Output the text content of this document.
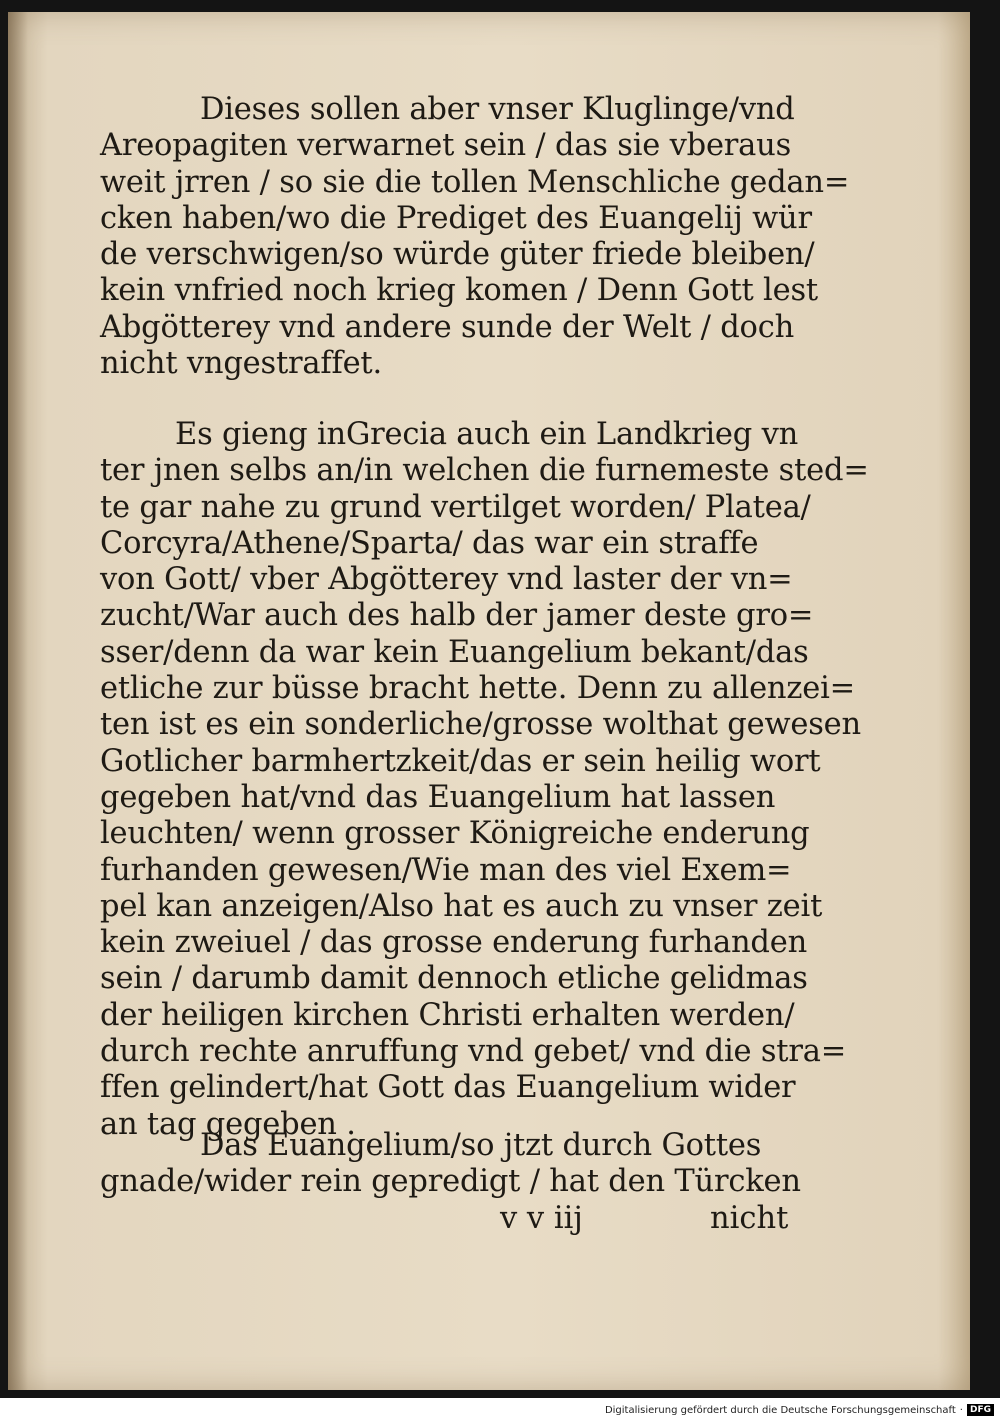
Dieses sollen aber vnser Kluglinge/vnd
Areopagiten verwarnet sein / das sie vberaus
weit jrren / so sie die tollen Menschliche gedan=
cken haben/wo die Prediget des Euangelij wür
de verschwigen/so würde güter friede bleiben/
kein vnfried noch krieg komen / Denn Gott lest
Abgötterey vnd andere sunde der Welt / doch
nicht vngestraffet.
Es gieng inGrecia auch ein Landkrieg vn
ter jnen selbs an/in welchen die furnemeste sted=
te gar nahe zu grund vertilget worden/ Platea/
Corcyra/Athene/Sparta/ das war ein straffe
von Gott/ vber Abgötterey vnd laster der vn=
zucht/War auch des halb der jamer deste gro=
sser/denn da war kein Euangelium bekant/das
etliche zur büsse bracht hette. Denn zu allenzei=
ten ist es ein sonderliche/grosse wolthat gewesen
Gotlicher barmhertzkeit/das er sein heilig wort
gegeben hat/vnd das Euangelium hat lassen
leuchten/ wenn grosser Königreiche enderung
furhanden gewesen/Wie man des viel Exem=
pel kan anzeigen/Also hat es auch zu vnser zeit
kein zweiuel / das grosse enderung furhanden
sein / darumb damit dennoch etliche gelidmas
der heiligen kirchen Christi erhalten werden/
durch rechte anruffung vnd gebet/ vnd die stra=
ffen gelindert/hat Gott das Euangelium wider
an tag gegeben .
Das Euangelium/so jtzt durch Gottes
gnade/wider rein gepredigt / hat den Türcken
v v iij	nicht
Digitalisierung gefördert durch die Deutsche Forschungsgemeinschaft · DFG
